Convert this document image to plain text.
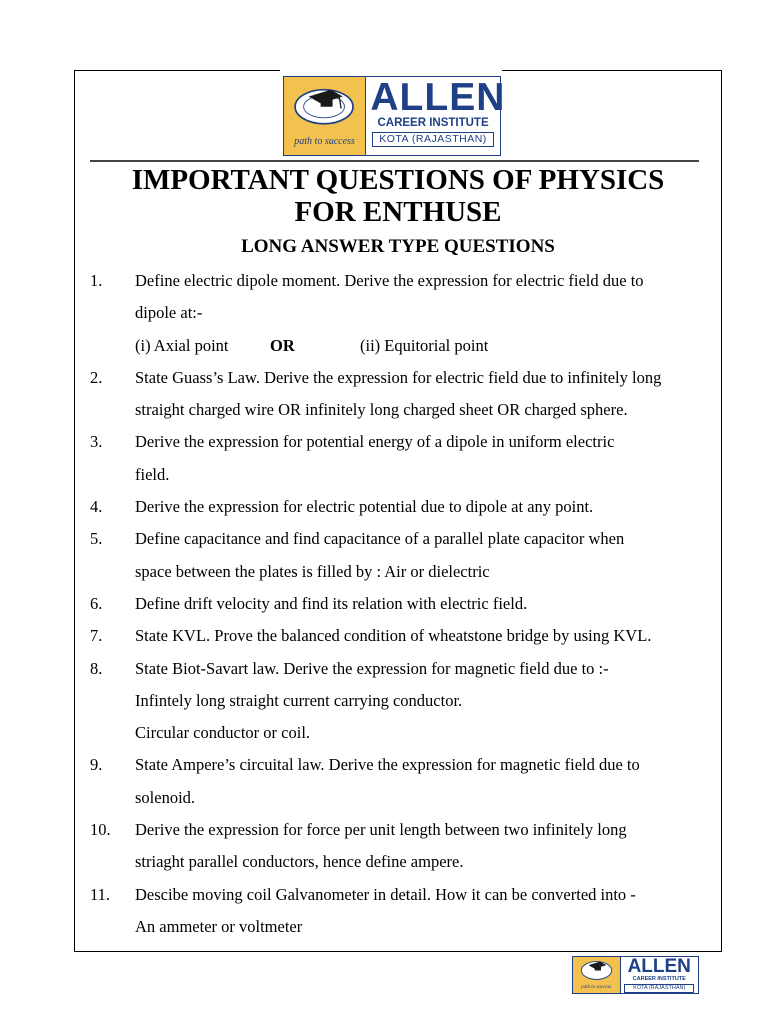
path to success
ALLEN
CAREER INSTITUTE
KOTA (RAJASTHAN)
IMPORTANT QUESTIONS OF PHYSICS
FOR ENTHUSE
LONG ANSWER TYPE QUESTIONS
1. Define electric dipole moment. Derive the expression for electric field due to
dipole at:-
(i) Axial point	OR	(ii) Equitorial point
2. State Guass’s Law. Derive the expression for electric field due to infinitely long
straight charged wire OR infinitely long charged sheet OR charged sphere.
3. Derive the expression for potential energy of a dipole in uniform electric
field.
4. Derive the expression for electric potential due to dipole at any point.
5. Define capacitance and find capacitance of a parallel plate capacitor when
space between the plates is filled by : Air or dielectric
6. Define drift velocity and find its relation with electric field.
7. State KVL. Prove the balanced condition of wheatstone bridge by using KVL.
8. State Biot-Savart law. Derive the expression for magnetic field due to :-
Infintely long straight current carrying conductor.
Circular conductor or coil.
9. State Ampere’s circuital law. Derive the expression for magnetic field due to
solenoid.
10. Derive the expression for force per unit length between two infinitely long
striaght parallel conductors, hence define ampere.
11. Descibe moving coil Galvanometer in detail. How it can be converted into -
An ammeter or voltmeter
path to success
ALLEN
CAREER INSTITUTE
KOTA (RAJASTHAN)
